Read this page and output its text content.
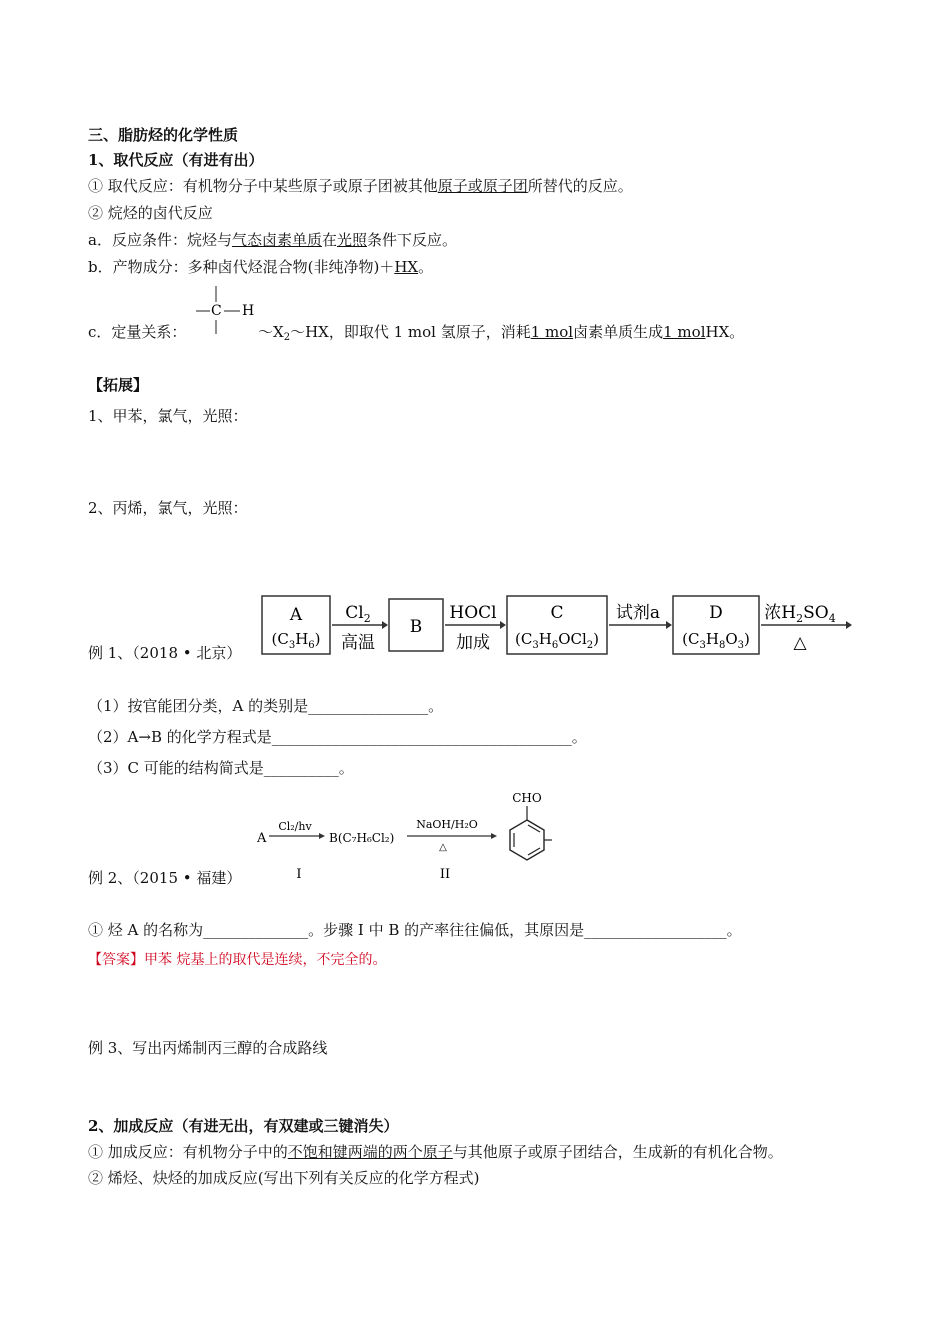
三、脂肪烃的化学性质
1、取代反应（有进有出）
① 取代反应：有机物分子中某些原子或原子团被其他原子或原子团所替代的反应。
② 烷烃的卤代反应
a．反应条件：烷烃与气态卤素单质在光照条件下反应。
b．产物成分：多种卤代烃混合物(非纯净物)＋HX。
c．定量关系：
C H
$\sim X_2\sim HX$，即取代 1 mol 氢原子，消耗1 mol卤素单质生成1 molHX。
【拓展】
1、甲苯，氯气，光照：
2、丙烯，氯气，光照：
例 1、（2018 • 北京）
A
$(C_3H_6)$
$Cl_2$
高温
B
HOCl
加成
C
$(C_3H_6OCl_2)$
试剂a	D
$(C_3H_8O_3)$
浓$H_2SO_4$
△
（1）按官能团分类，A 的类别是________________。
（2）A→B 的化学方程式是________________________________________。
（3）C 可能的结构简式是__________。
例 2、（2015 • 福建）
A
Cl₂/hv
I
B(C₇H₆Cl₂)
NaOH/H₂O
△
II
CHO
① 烃 A 的名称为______________。步骤 I 中 B 的产率往往偏低，其原因是___________________。
【答案】甲苯 烷基上的取代是连续，不完全的。
例 3、写出丙烯制丙三醇的合成路线
2、加成反应（有进无出，有双建或三键消失）
① 加成反应：有机物分子中的不饱和键两端的两个原子与其他原子或原子团结合，生成新的有机化合物。
② 烯烃、炔烃的加成反应(写出下列有关反应的化学方程式)
